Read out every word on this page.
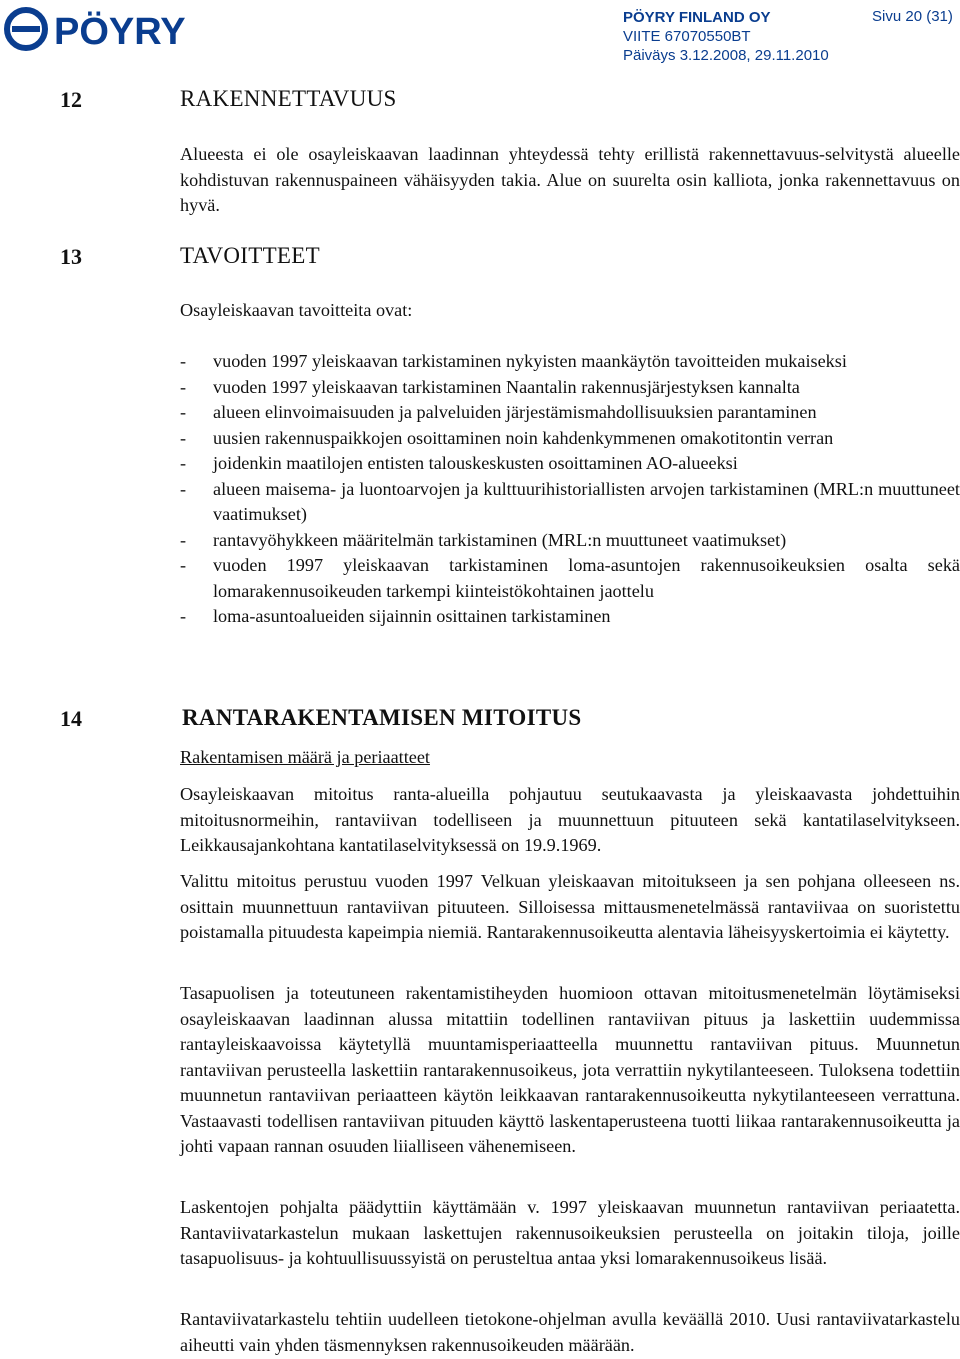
PÖYRY	PÖYRY FINLAND OY
VIITE 67070550BT
Päiväys 3.12.2008, 29.11.2010
Sivu 20 (31)
12	RAKENNETTAVUUS

Alueesta ei ole osayleiskaavan laadinnan yhteydessä tehty erillistä rakennettavuus-selvitystä alueelle kohdistuvan rakennuspaineen vähäisyyden takia. Alue on suurelta osin kalliota, jonka rakennettavuus on hyvä.

13	TAVOITTEET

Osayleiskaavan tavoitteita ovat:

- vuoden 1997 yleiskaavan tarkistaminen nykyisten maankäytön tavoitteiden mukaiseksi
- vuoden 1997 yleiskaavan tarkistaminen Naantalin rakennusjärjestyksen kannalta
- alueen elinvoimaisuuden ja palveluiden järjestämismahdollisuuksien parantaminen
- uusien rakennuspaikkojen osoittaminen noin kahdenkymmenen omakotitontin verran
- joidenkin maatilojen entisten talouskeskusten osoittaminen AO-alueeksi
- alueen maisema- ja luontoarvojen ja kulttuurihistoriallisten arvojen tarkistaminen (MRL:n muuttuneet vaatimukset)
- rantavyöhykkeen määritelmän tarkistaminen (MRL:n muuttuneet vaatimukset)
- vuoden 1997 yleiskaavan tarkistaminen loma-asuntojen rakennusoikeuksien osalta sekä lomarakennusoikeuden tarkempi kiinteistökohtainen jaottelu
- loma-asuntoalueiden sijainnin osittainen tarkistaminen
14	RANTARAKENTAMISEN MITOITUS

Rakentamisen määrä ja periaatteet

Osayleiskaavan mitoitus ranta-alueilla pohjautuu seutukaavasta ja yleiskaavasta johdettuihin mitoitusnormeihin, rantaviivan todelliseen ja muunnettuun pituuteen sekä kantatilaselvitykseen. Leikkausajankohtana kantatilaselvityksessä on 19.9.1969.

Valittu mitoitus perustuu vuoden 1997 Velkuan yleiskaavan mitoitukseen ja sen pohjana olleeseen ns. osittain muunnettuun rantaviivan pituuteen. Silloisessa mittausmenetelmässä rantaviivaa on suoristettu poistamalla pituudesta kapeimpia niemiä. Rantarakennusoikeutta alentavia läheisyyskertoimia ei käytetty.

Tasapuolisen ja toteutuneen rakentamistiheyden huomioon ottavan mitoitusmenetelmän löytämiseksi osayleiskaavan laadinnan alussa mitattiin todellinen rantaviivan pituus ja laskettiin uudemmissa rantayleiskaavoissa käytetyllä muuntamisperiaatteella muunnettu rantaviivan pituus. Muunnetun rantaviivan perusteella laskettiin rantarakennusoikeus, jota verrattiin nykytilanteeseen. Tuloksena todettiin muunnetun rantaviivan periaatteen käytön leikkaavan rantarakennusoikeutta nykytilanteeseen verrattuna. Vastaavasti todellisen rantaviivan pituuden käyttö laskentaperusteena tuotti liikaa rantarakennusoikeutta ja johti vapaan rannan osuuden liialliseen vähenemiseen.

Laskentojen pohjalta päädyttiin käyttämään v. 1997 yleiskaavan muunnetun rantaviivan periaatetta. Rantaviivatarkastelun mukaan laskettujen rakennusoikeuksien perusteella on joitakin tiloja, joille tasapuolisuus- ja kohtuullisuussyistä on perusteltua antaa yksi lomarakennusoikeus lisää.

Rantaviivatarkastelu tehtiin uudelleen tietokone-ohjelman avulla keväällä 2010. Uusi rantaviivatarkastelu aiheutti vain yhden täsmennyksen rakennusoikeuden määrään.
